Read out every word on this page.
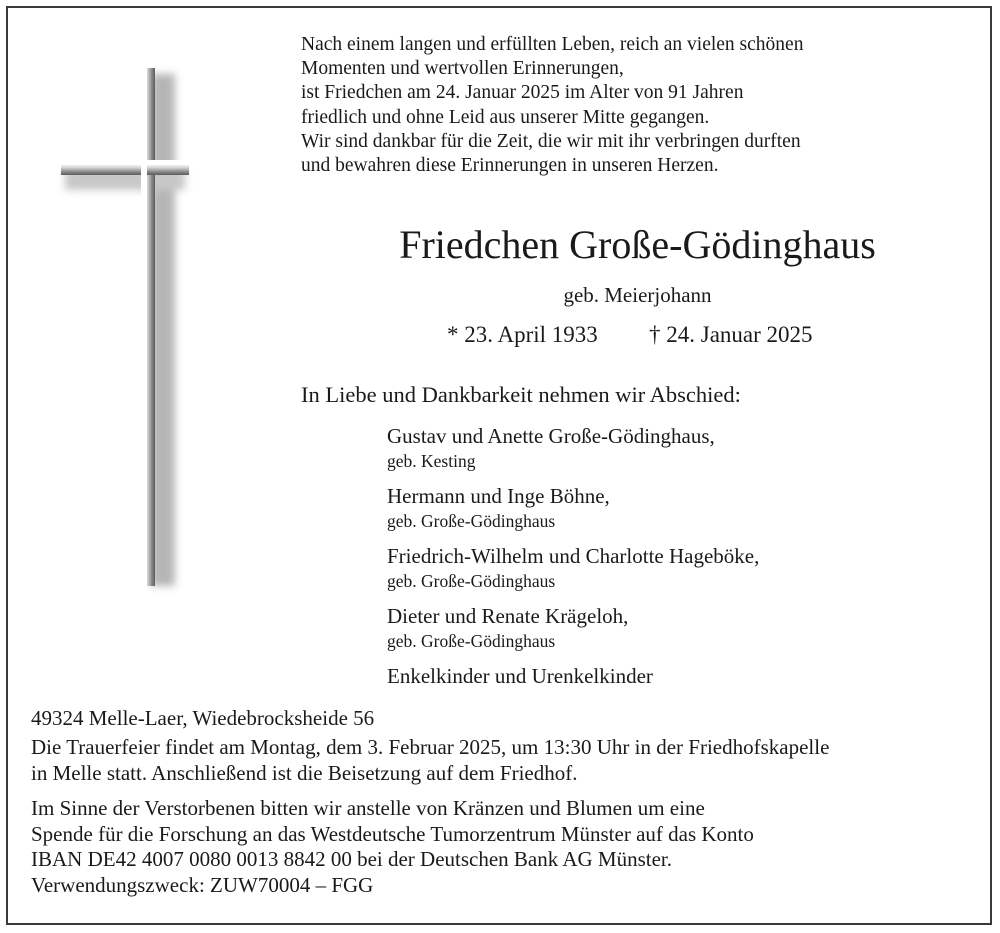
Nach einem langen und erfüllten Leben, reich an vielen schönen
Momenten und wertvollen Erinnerungen,
ist Friedchen am 24. Januar 2025 im Alter von 91 Jahren
friedlich und ohne Leid aus unserer Mitte gegangen.
Wir sind dankbar für die Zeit, die wir mit ihr verbringen durften
und bewahren diese Erinnerungen in unseren Herzen.
Friedchen Große-Gödinghaus
geb. Meierjohann
* 23. April 1933 † 24. Januar 2025
In Liebe und Dankbarkeit nehmen wir Abschied:
Gustav und Anette Große-Gödinghaus,
geb. Kesting
Hermann und Inge Böhne,
geb. Große-Gödinghaus
Friedrich-Wilhelm und Charlotte Hageböke,
geb. Große-Gödinghaus
Dieter und Renate Krägeloh,
geb. Große-Gödinghaus
Enkelkinder und Urenkelkinder
49324 Melle-Laer, Wiedebrocksheide 56
Die Trauerfeier findet am Montag, dem 3. Februar 2025, um 13:30 Uhr in der Friedhofskapelle
in Melle statt. Anschließend ist die Beisetzung auf dem Friedhof.
Im Sinne der Verstorbenen bitten wir anstelle von Kränzen und Blumen um eine
Spende für die Forschung an das Westdeutsche Tumorzentrum Münster auf das Konto
IBAN DE42 4007 0080 0013 8842 00 bei der Deutschen Bank AG Münster.
Verwendungszweck: ZUW70004 – FGG
